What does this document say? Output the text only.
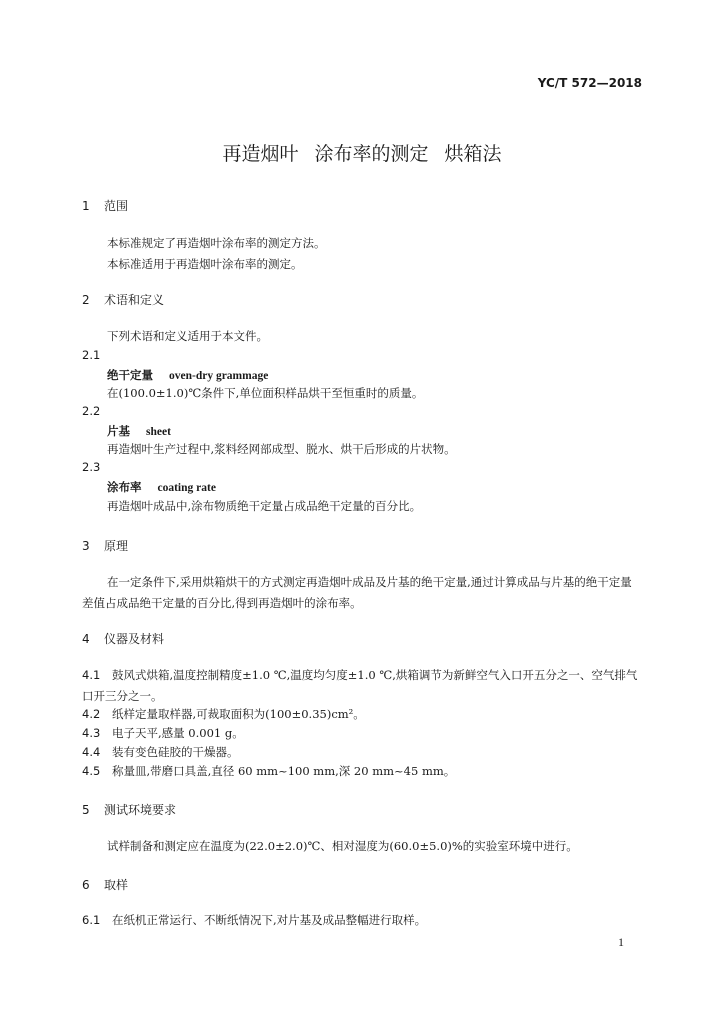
YC/T 572—2018
再造烟叶 涂布率的测定 烘箱法
1 范围
本标准规定了再造烟叶涂布率的测定方法。
本标准适用于再造烟叶涂布率的测定。
2 术语和定义
下列术语和定义适用于本文件。
2.1
绝干定量 oven-dry grammage
在(100.0±1.0)℃条件下,单位面积样品烘干至恒重时的质量。
2.2
片基 sheet
再造烟叶生产过程中,浆料经网部成型、脱水、烘干后形成的片状物。
2.3
涂布率 coating rate
再造烟叶成品中,涂布物质绝干定量占成品绝干定量的百分比。
3 原理
在一定条件下,采用烘箱烘干的方式测定再造烟叶成品及片基的绝干定量,通过计算成品与片基的绝干定量差值占成品绝干定量的百分比,得到再造烟叶的涂布率。
4 仪器及材料
4.1 鼓风式烘箱,温度控制精度±1.0 ℃,温度均匀度±1.0 ℃,烘箱调节为新鲜空气入口开五分之一、空气排气口开三分之一。
4.2 纸样定量取样器,可裁取面积为(100±0.35)cm²。
4.3 电子天平,感量 0.001 g。
4.4 装有变色硅胶的干燥器。
4.5 称量皿,带磨口具盖,直径 60 mm~100 mm,深 20 mm~45 mm。
5 测试环境要求
试样制备和测定应在温度为(22.0±2.0)℃、相对湿度为(60.0±5.0)%的实验室环境中进行。
6 取样
6.1 在纸机正常运行、不断纸情况下,对片基及成品整幅进行取样。
1
